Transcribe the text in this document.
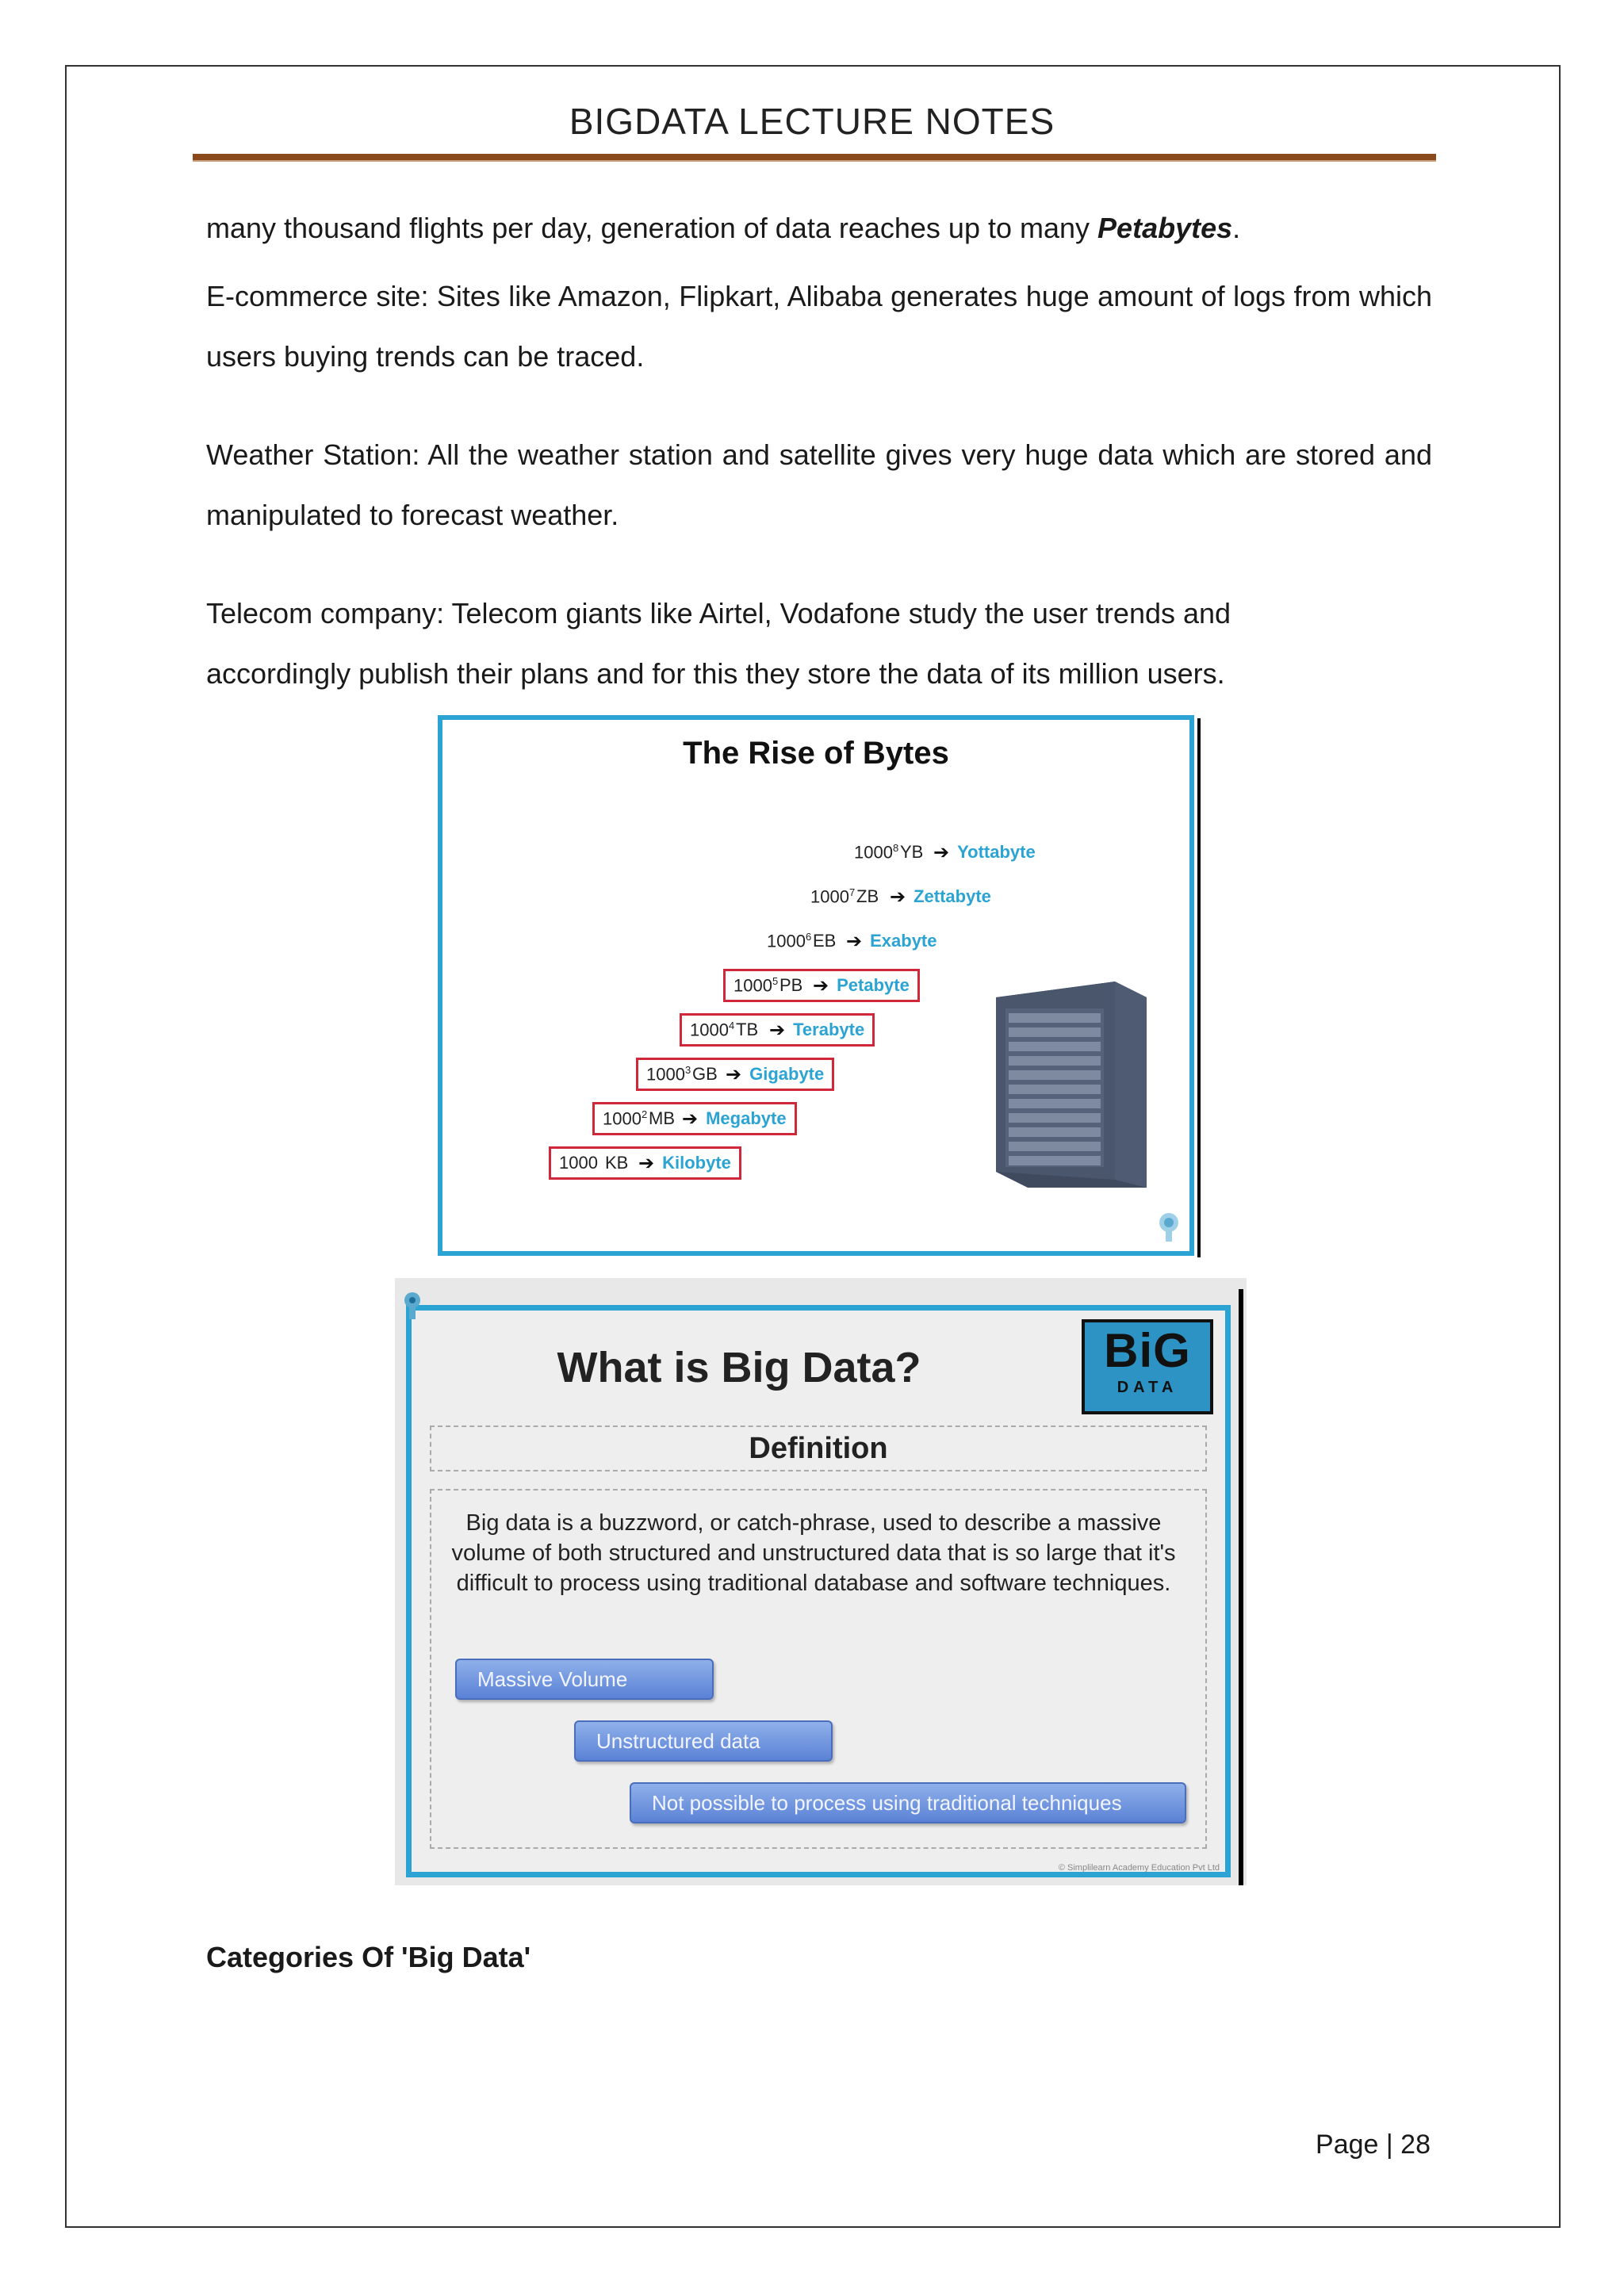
BIGDATA LECTURE NOTES

many thousand flights per day, generation of data reaches up to many Petabytes.

E-commerce site: Sites like Amazon, Flipkart, Alibaba generates huge amount of logs from which users buying trends can be traced.

Weather Station: All the weather station and satellite gives very huge data which are stored and manipulated to forecast weather.

Telecom company: Telecom giants like Airtel, Vodafone study the user trends and
accordingly publish their plans and for this they store the data of its million users.

The Rise of Bytes
1000$^8$ YB ➔ Yottabyte
1000$^7$ ZB ➔ Zettabyte
1000$^6$ EB ➔ Exabyte
1000$^5$ PB ➔ Petabyte
1000$^4$ TB ➔ Terabyte
1000$^3$ GB ➔ Gigabyte
1000$^2$ MB ➔ Megabyte
1000 KB ➔ Kilobyte
What is Big Data?	BiG
DATA
Definition

Big data is a buzzword, or catch-phrase, used to describe a massive volume of both structured and unstructured data that is so large that it's difficult to process using traditional database and software techniques.

Massive Volume
Unstructured data
Not possible to process using traditional techniques
© Simplilearn Academy Education Pvt Ltd
Categories Of 'Big Data'
Page | 28
